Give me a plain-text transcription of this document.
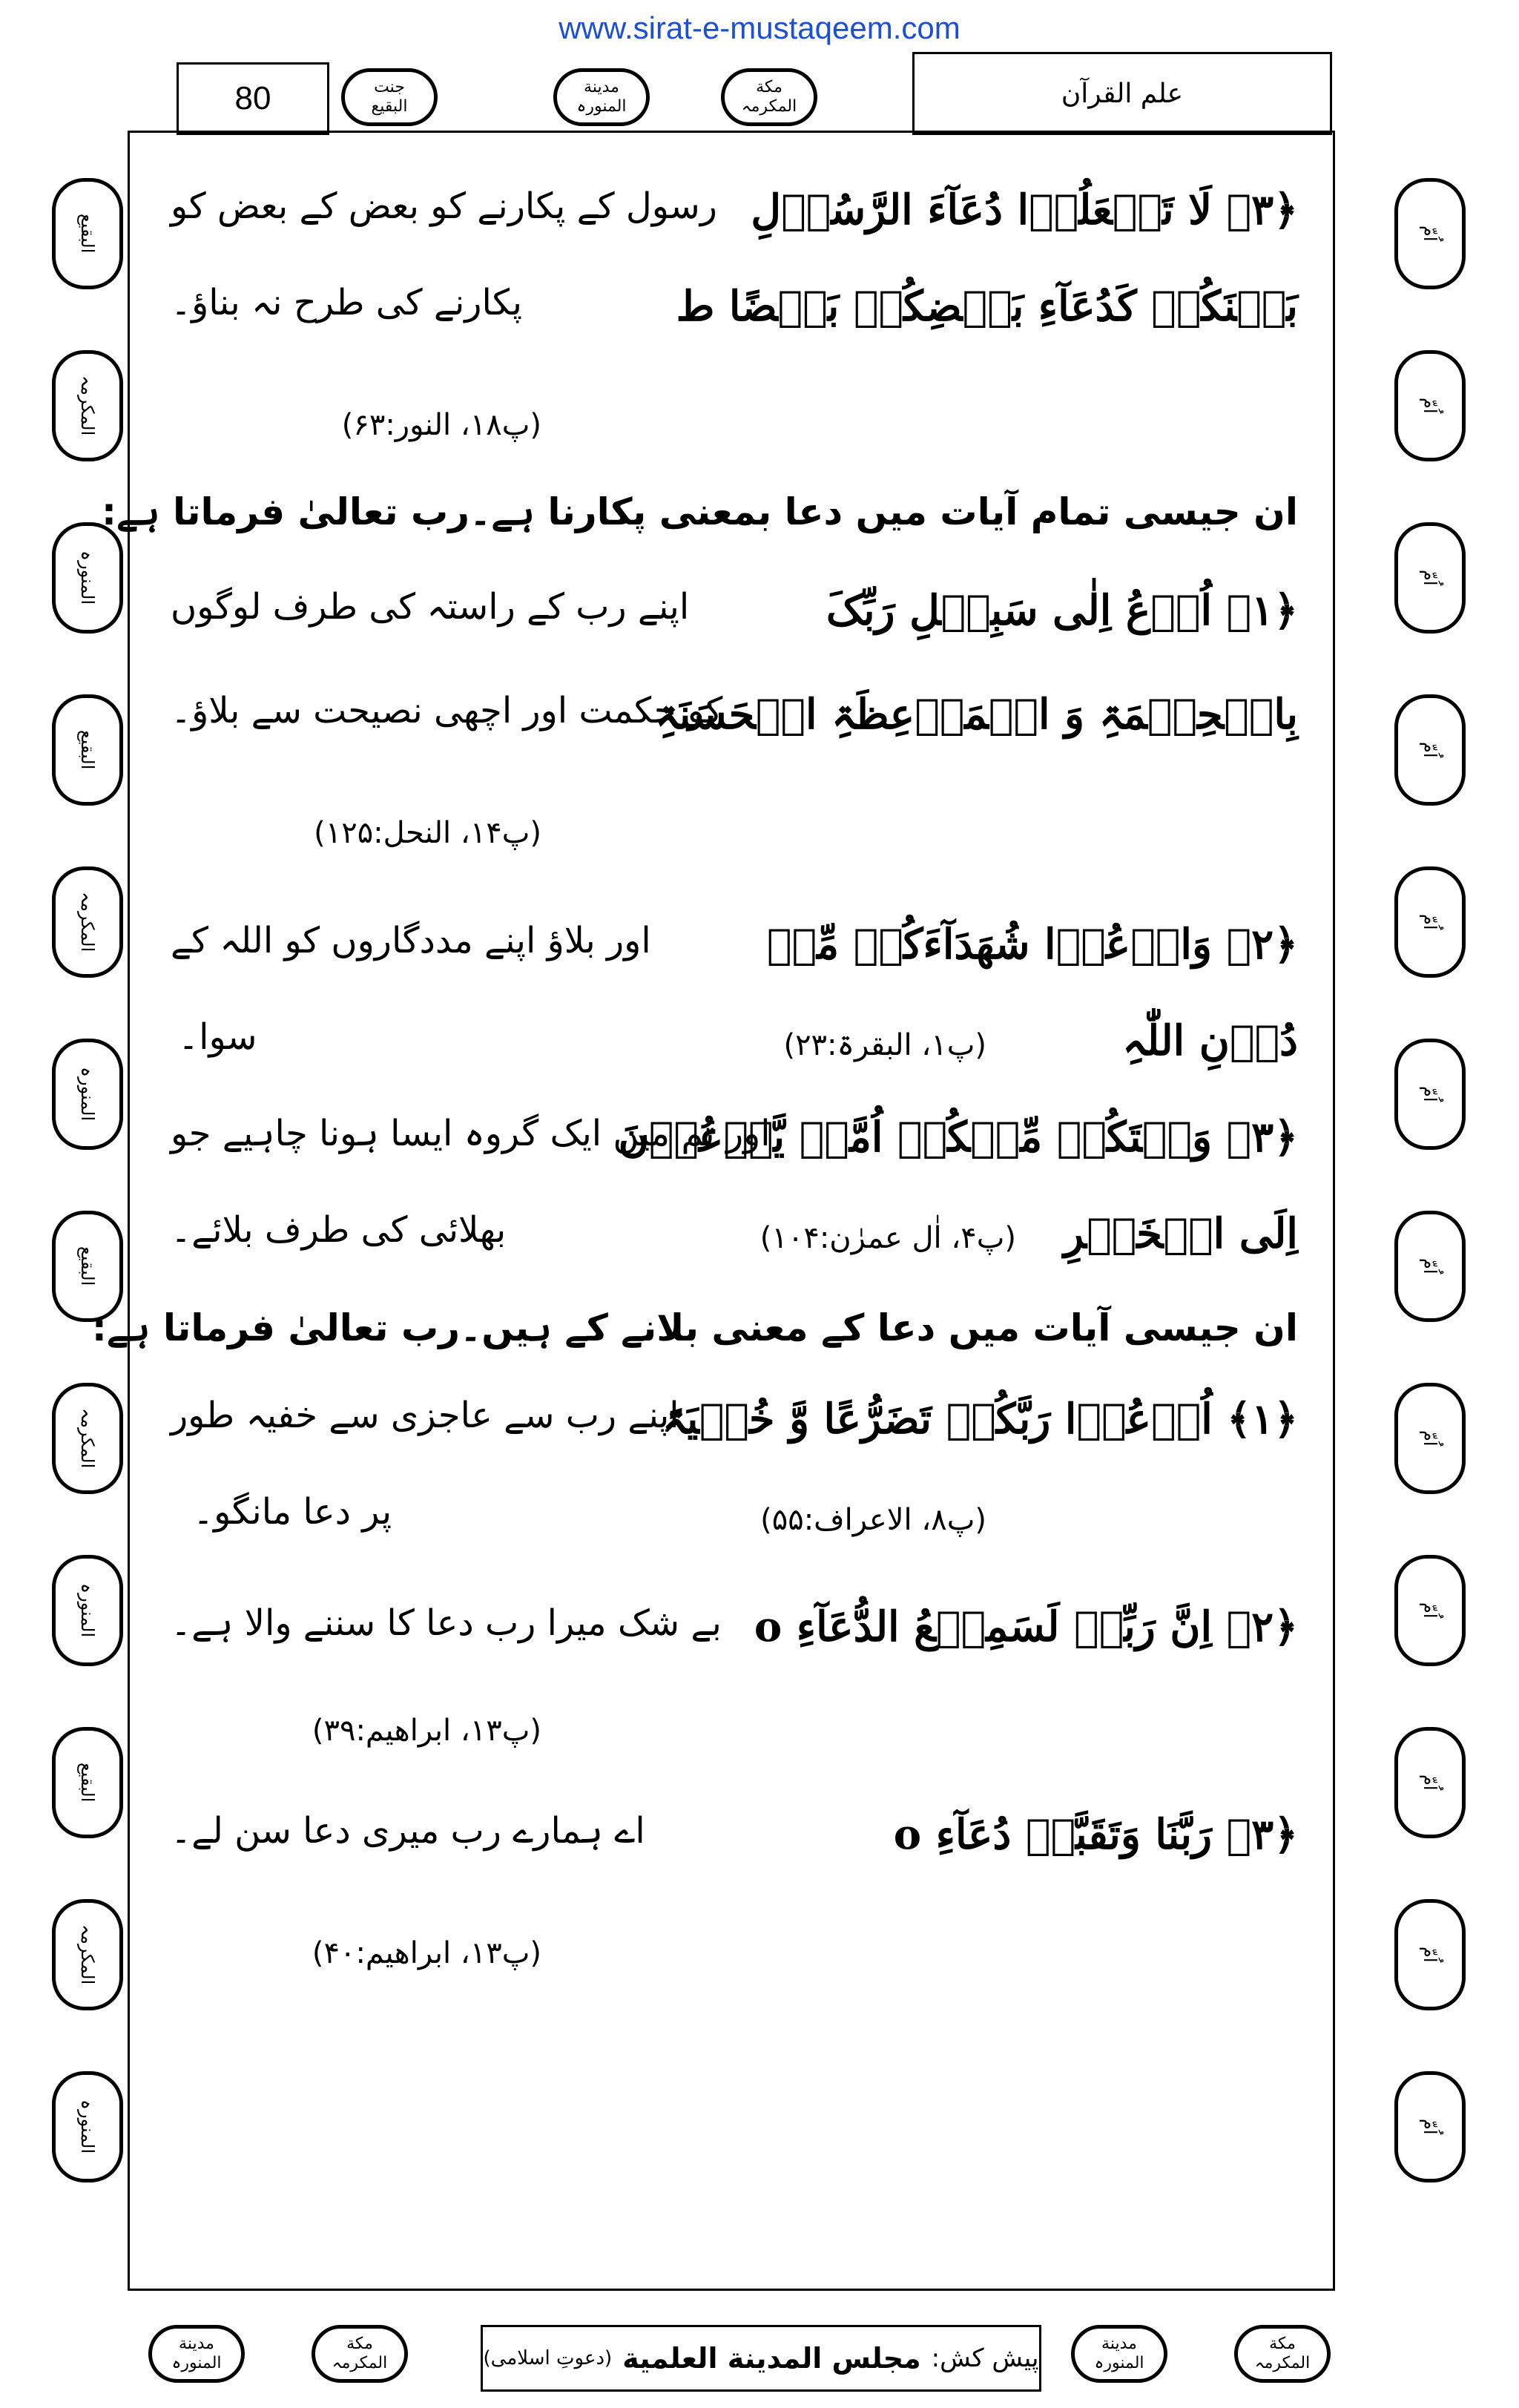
www.sirat-e-mustaqeem.com
80	جنت
البقیع
مدینة
المنورہ
مکة
المکرمہ	علم القرآن
البقیع
المکرمہ
المنورہ
البقیع
المکرمہ
المنورہ
البقیع
المکرمہ
المنورہ
البقیع
المکرمہ
المنورہ
اُمّ
اُمّ
اُمّ
اُمّ
اُمّ
اُمّ
اُمّ
اُمّ
اُمّ
اُمّ
اُمّ
اُمّ
﴿۳﴾ لَا تَجۡعَلُوۡا دُعَآءَ الرَّسُوۡلِ
رسول کے پکارنے کو بعض کے بعض کو
بَیۡنَکُمۡ کَدُعَآءِ بَعۡضِکُمۡ بَعۡضًا ط
پکارنے کی طرح نہ بناؤ۔
(پ۱۸، النور:۶۳)
ان جیسی تمام آیات میں دعا بمعنی پکارنا ہے۔رب تعالیٰ فرماتا ہے:
﴿۱﴾ اُدۡعُ اِلٰی سَبِیۡلِ رَبِّکَ
اپنے رب کے راستہ کی طرف لوگوں
بِالۡحِکۡمَۃِ وَ الۡمَوۡعِظَۃِ الۡحَسَنَۃِ
کو حکمت اور اچھی نصیحت سے بلاؤ۔
(پ۱۴، النحل:۱۲۵)
﴿۲﴾ وَادۡعُوۡا شُھَدَآءَکُمۡ مِّنۡ
اور بلاؤ اپنے مددگاروں کو اللہ کے
دُوۡنِ اللّٰہِ
(پ۱، البقرۃ:۲۳)
سوا۔
﴿۳﴾ وَلۡتَکُنۡ مِّنۡکُمۡ اُمَّۃٌ یَّدۡعُوۡنَ
اور تم میں ایک گروہ ایسا ہونا چاہیے جو
اِلَی الۡخَیۡرِ
(پ۴، اٰل عمرٰن:۱۰۴)
بھلائی کی طرف بلائے۔
ان جیسی آیات میں دعا کے معنی بلانے کے ہیں۔رب تعالیٰ فرماتا ہے:
﴿۱﴾ اُدۡعُوۡا رَبَّکُمۡ تَضَرُّعًا وَّ خُفۡیَۃً
اپنے رب سے عاجزی سے خفیہ طور
(پ۸، الاعراف:۵۵)
پر دعا مانگو۔
﴿۲﴾ اِنَّ رَبِّیۡ لَسَمِیۡعُ الدُّعَآءِ o
بے شک میرا رب دعا کا سننے والا ہے۔
(پ۱۳، ابراھیم:۳۹)
﴿۳﴾ رَبَّنَا وَتَقَبَّلۡ دُعَآءِ o
اے ہمارے رب میری دعا سن لے۔
(پ۱۳، ابراھیم:۴۰)
مدینة
المنورہ
مکة
المکرمہ	پیش کش:
مجلس المدینة العلمیة
(دعوتِ اسلامی)
مدینة
المنورہ
مکة
المکرمہ
